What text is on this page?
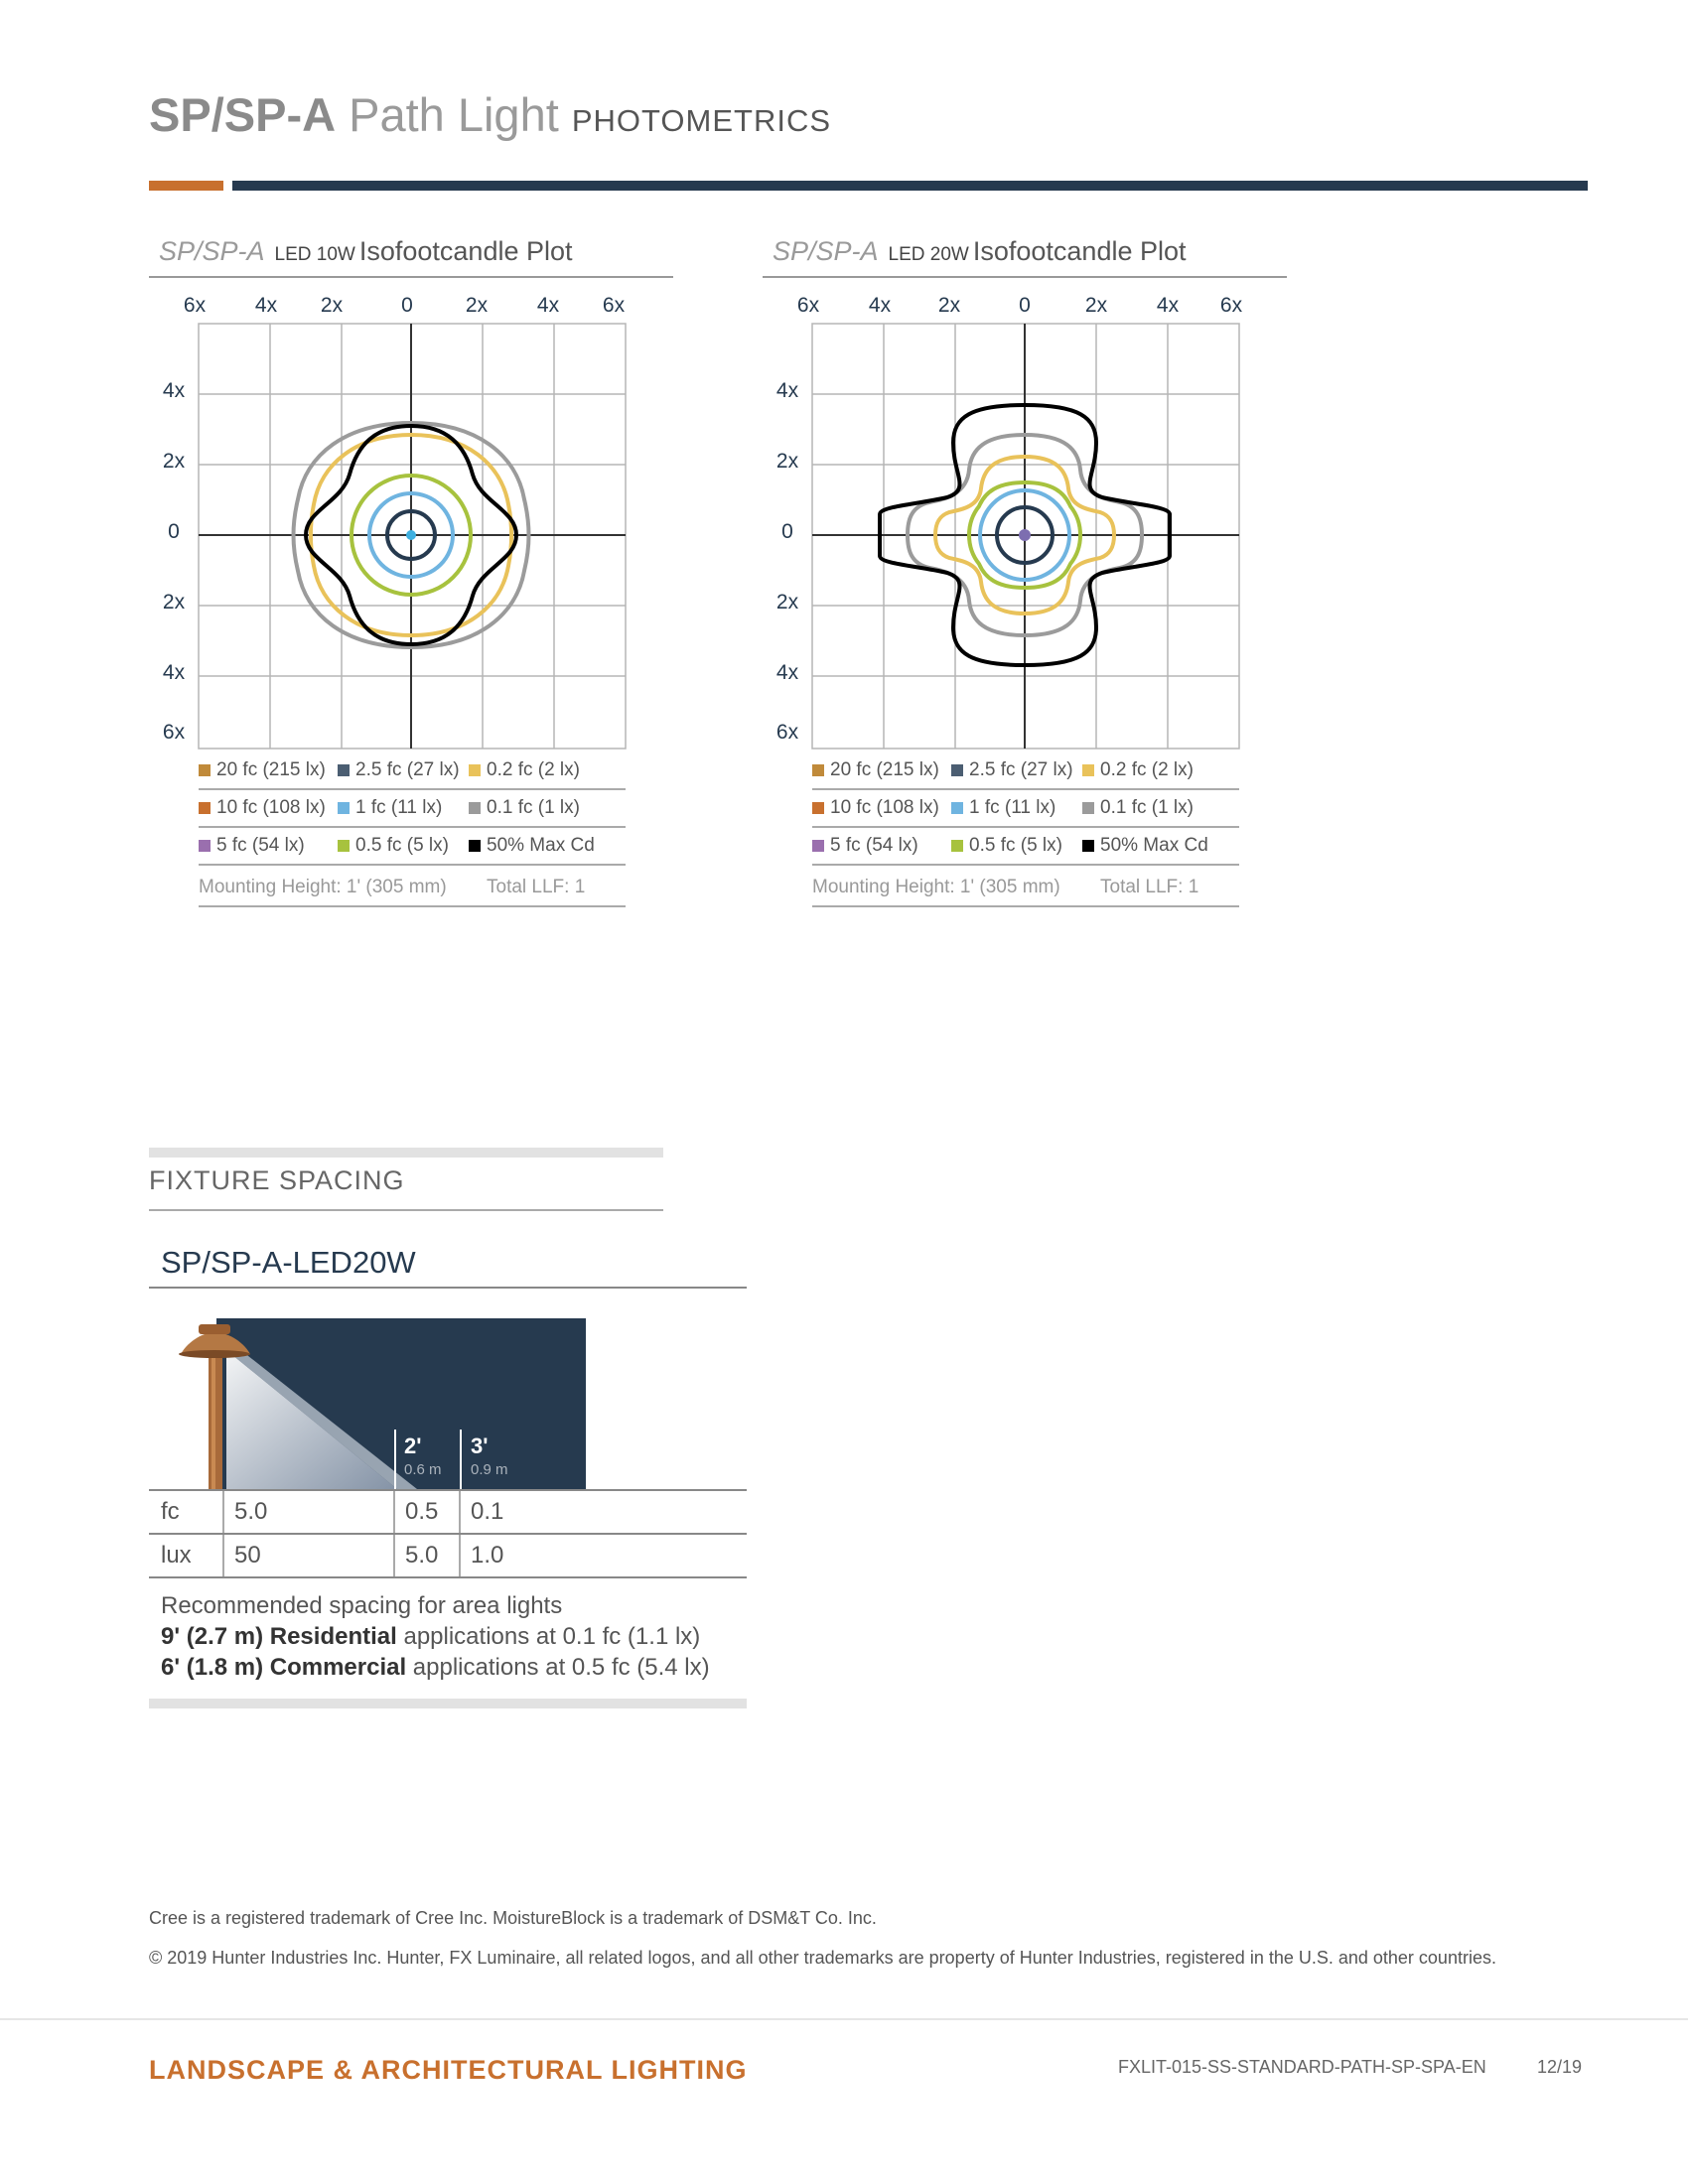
SP/SP-A Path Light PHOTOMETRICS
SP/SP-A LED 10W Isofootcandle Plot
6x 4x 2x	0	2x 4x 6x
4x
2x
0
2x
4x
6x
20 fc (215 lx)	2.5 fc (27 lx)	0.2 fc (2 lx)
10 fc (108 lx)	1 fc (11 lx)	0.1 fc (1 lx)
5 fc (54 lx)	0.5 fc (5 lx)	50% Max Cd
Mounting Height: 1' (305 mm) Total LLF: 1
SP/SP-A LED 20W Isofootcandle Plot
6x 4x 2x	0	2x 4x 6x
4x
2x
0
2x
4x
6x
20 fc (215 lx)	2.5 fc (27 lx)	0.2 fc (2 lx)
10 fc (108 lx)	1 fc (11 lx)	0.1 fc (1 lx)
5 fc (54 lx)	0.5 fc (5 lx)	50% Max Cd
Mounting Height: 1' (305 mm) Total LLF: 1
FIXTURE SPACING
SP/SP-A-LED20W
2'
0.6 m
3'
0.9 m
fc 5.0	0.5 0.1
lux 50	5.0 1.0
Recommended spacing for area lights
9' (2.7 m) Residential applications at 0.1 fc (1.1 lx)
6' (1.8 m) Commercial applications at 0.5 fc (5.4 lx)
Cree is a registered trademark of Cree Inc. MoistureBlock is a trademark of DSM&T Co. Inc.
© 2019 Hunter Industries Inc. Hunter, FX Luminaire, all related logos, and all other trademarks are property of Hunter Industries, registered in the U.S. and other countries.
LANDSCAPE & ARCHITECTURAL LIGHTING	FXLIT-015-SS-STANDARD-PATH-SP-SPA-EN	12/19
